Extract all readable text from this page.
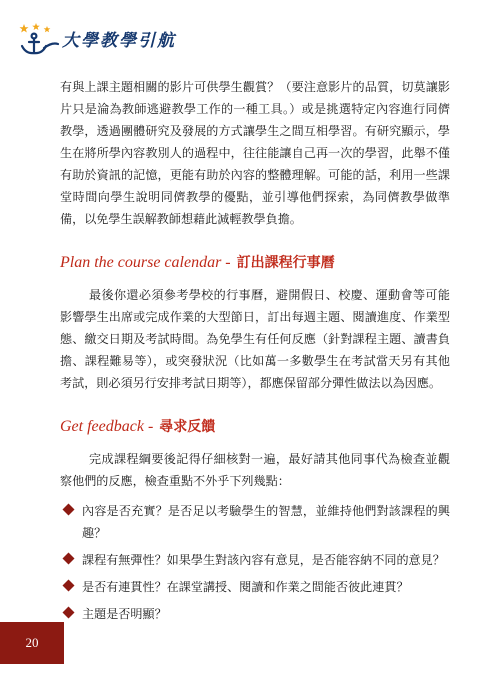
大學教學引航

有與上課主題相關的影片可供學生觀賞？（要注意影片的品質，切莫讓影片只是淪為教師逃避教學工作的一種工具。）或是挑選特定內容進行同儕教學，透過團體研究及發展的方式讓學生之間互相學習。有研究顯示，學生在將所學內容教別人的過程中，往往能讓自己再一次的學習，此舉不僅有助於資訊的記憶，更能有助於內容的整體理解。可能的話，利用一些課堂時間向學生說明同儕教學的優點，並引導他們探索，為同儕教學做準備，以免學生誤解教師想藉此減輕教學負擔。

Plan the course calendar - 訂出課程行事曆

最後你還必須參考學校的行事曆，避開假日、校慶、運動會等可能影響學生出席或完成作業的大型節日，訂出每週主題、閱讀進度、作業型態、繳交日期及考試時間。為免學生有任何反應（針對課程主題、讀書負擔、課程難易等），或突發狀況（比如萬一多數學生在考試當天另有其他考試，則必須另行安排考試日期等），都應保留部分彈性做法以為因應。

Get feedback - 尋求反饋

完成課程綱要後記得仔細核對一遍，最好請其他同事代為檢查並觀察他們的反應，檢查重點不外乎下列幾點：

內容是否充實？是否足以考驗學生的智慧，並維持他們對該課程的興趣？
課程有無彈性？如果學生對該內容有意見，是否能容納不同的意見？
是否有連貫性？在課堂講授、閱讀和作業之間能否彼此連貫？
主題是否明顯？
20
